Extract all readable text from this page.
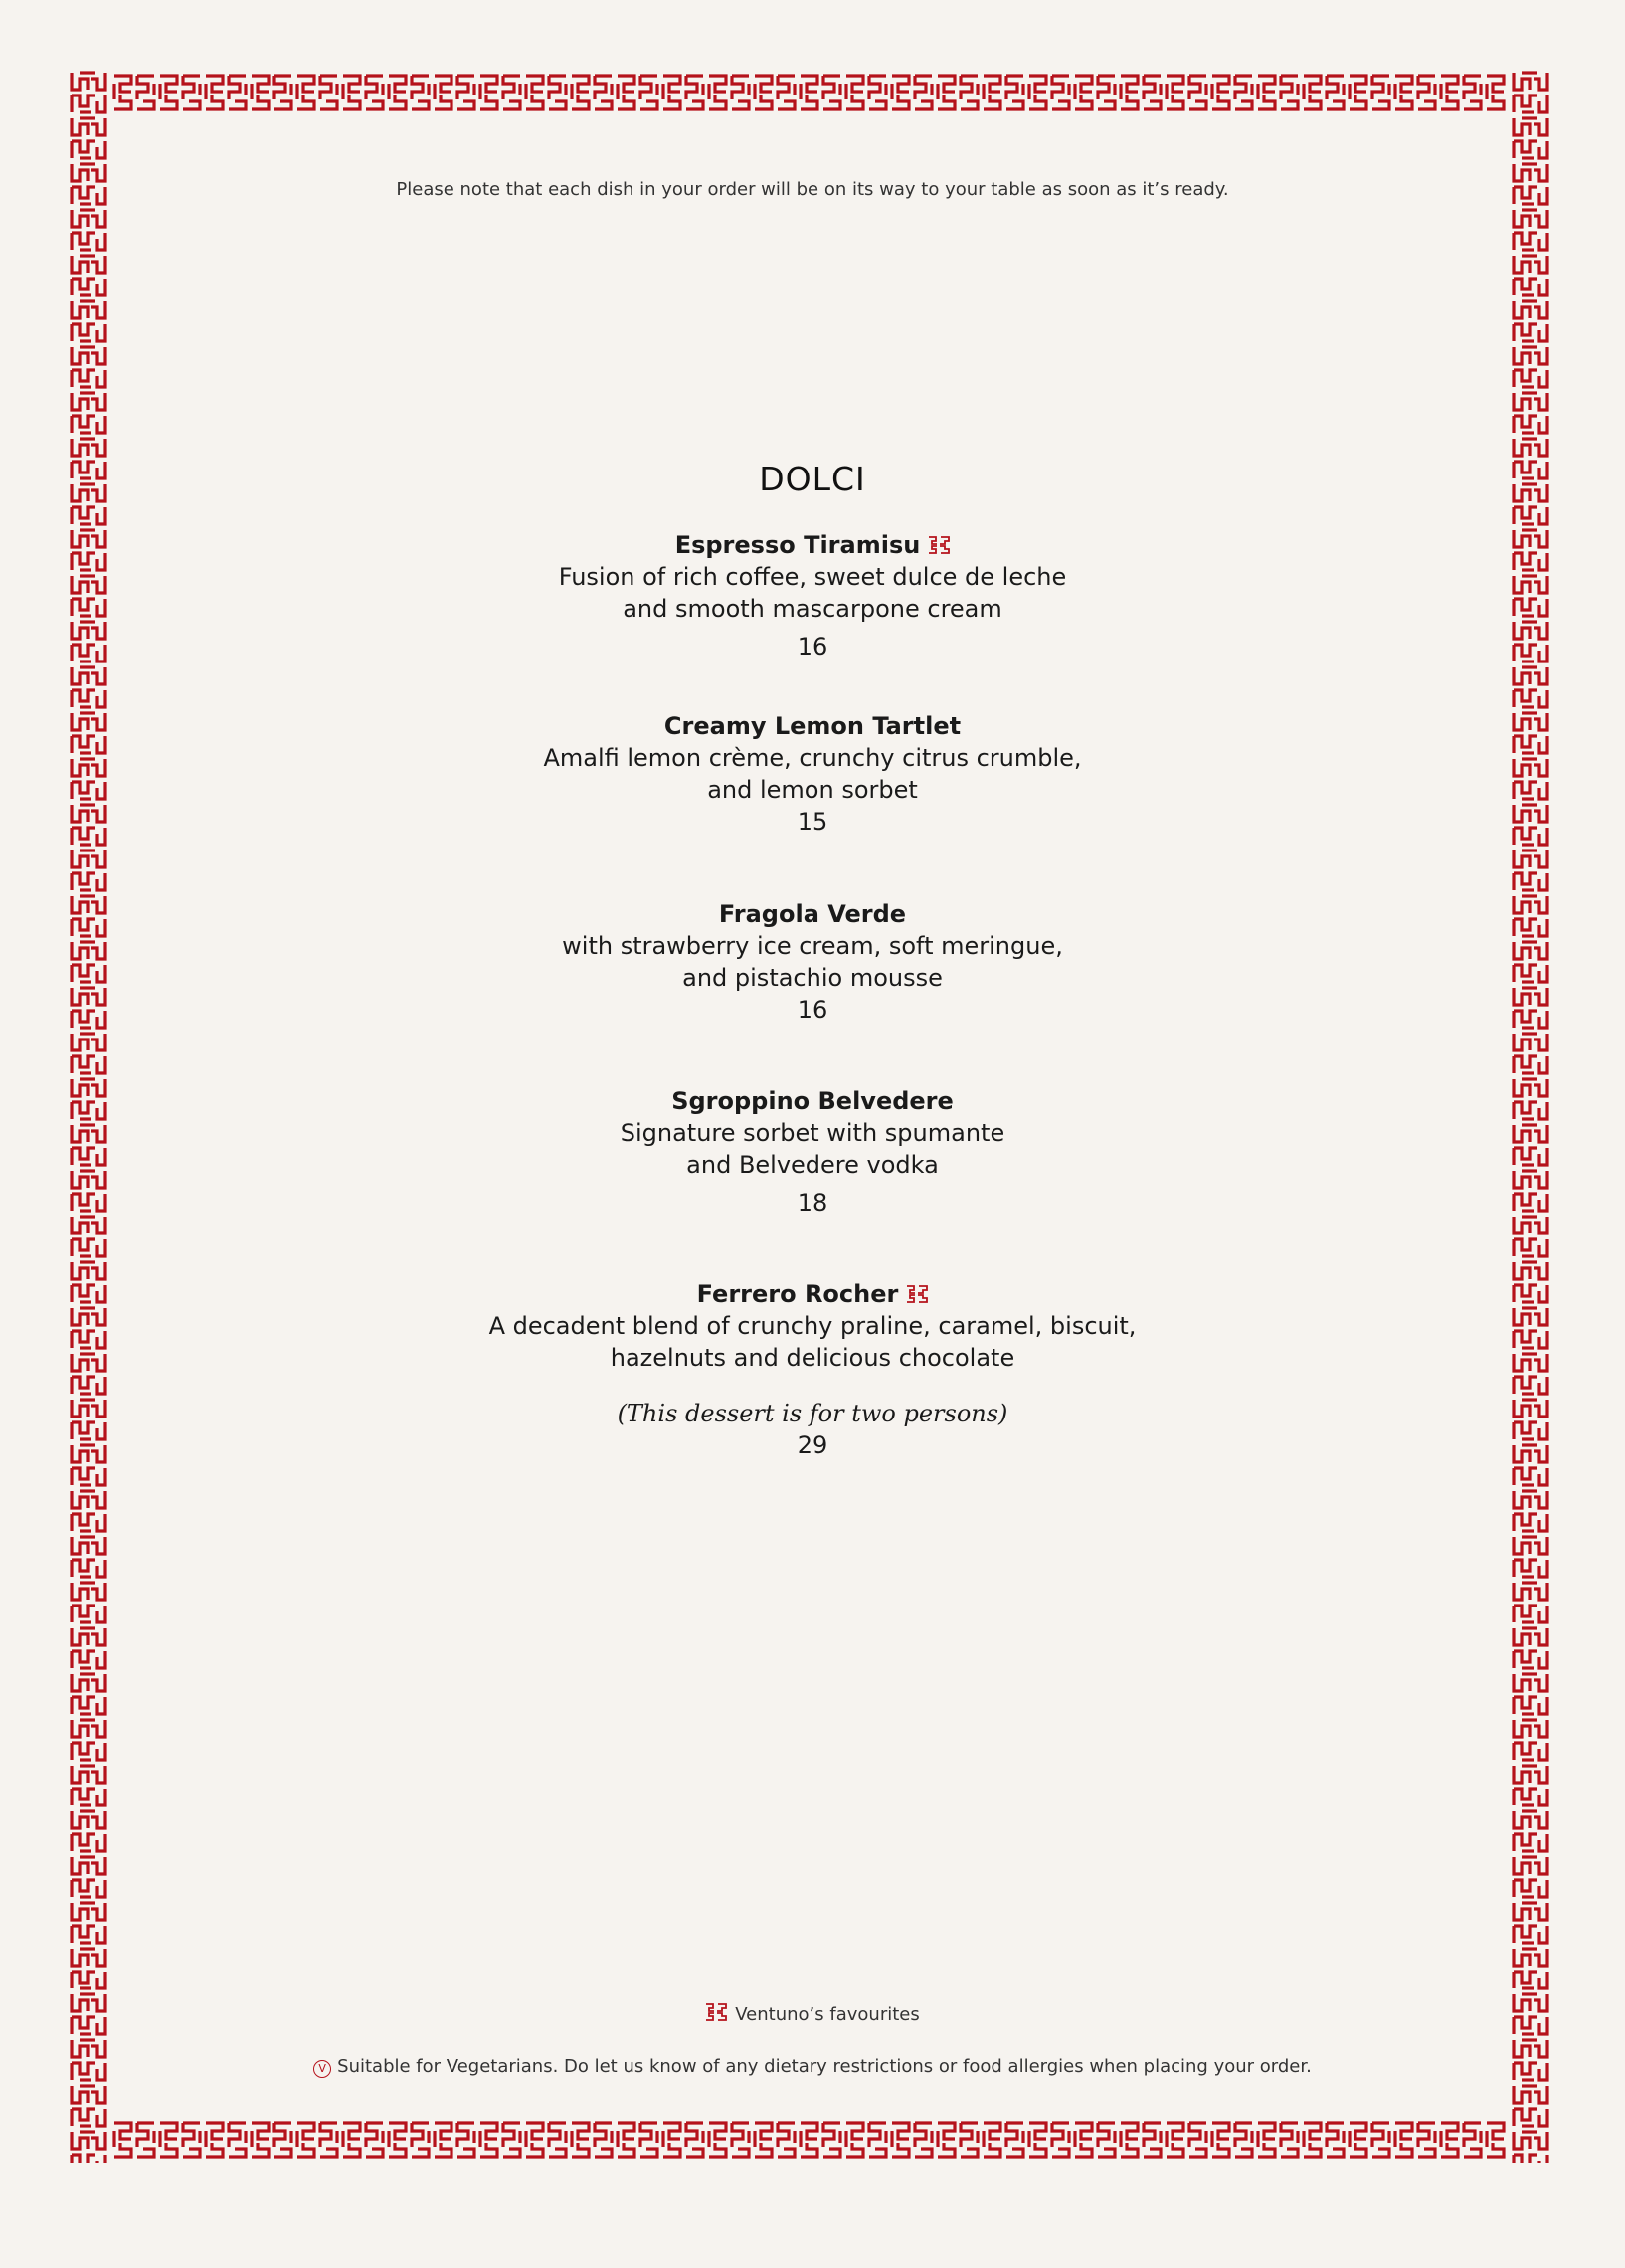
Please note that each dish in your order will be on its way to your table as soon as it’s ready.
DOLCI
Espresso Tiramisu
Fusion of rich coffee, sweet dulce de leche
and smooth mascarpone cream
16
Creamy Lemon Tartlet
Amalfi lemon crème, crunchy citrus crumble,
and lemon sorbet
15
Fragola Verde
with strawberry ice cream, soft meringue,
and pistachio mousse
16
Sgroppino Belvedere
Signature sorbet with spumante
and Belvedere vodka
18
Ferrero Rocher
A decadent blend of crunchy praline, caramel, biscuit,
hazelnuts and delicious chocolate
(This dessert is for two persons)
29
Ventuno’s favourites
V Suitable for Vegetarians. Do let us know of any dietary restrictions or food allergies when placing your order.
